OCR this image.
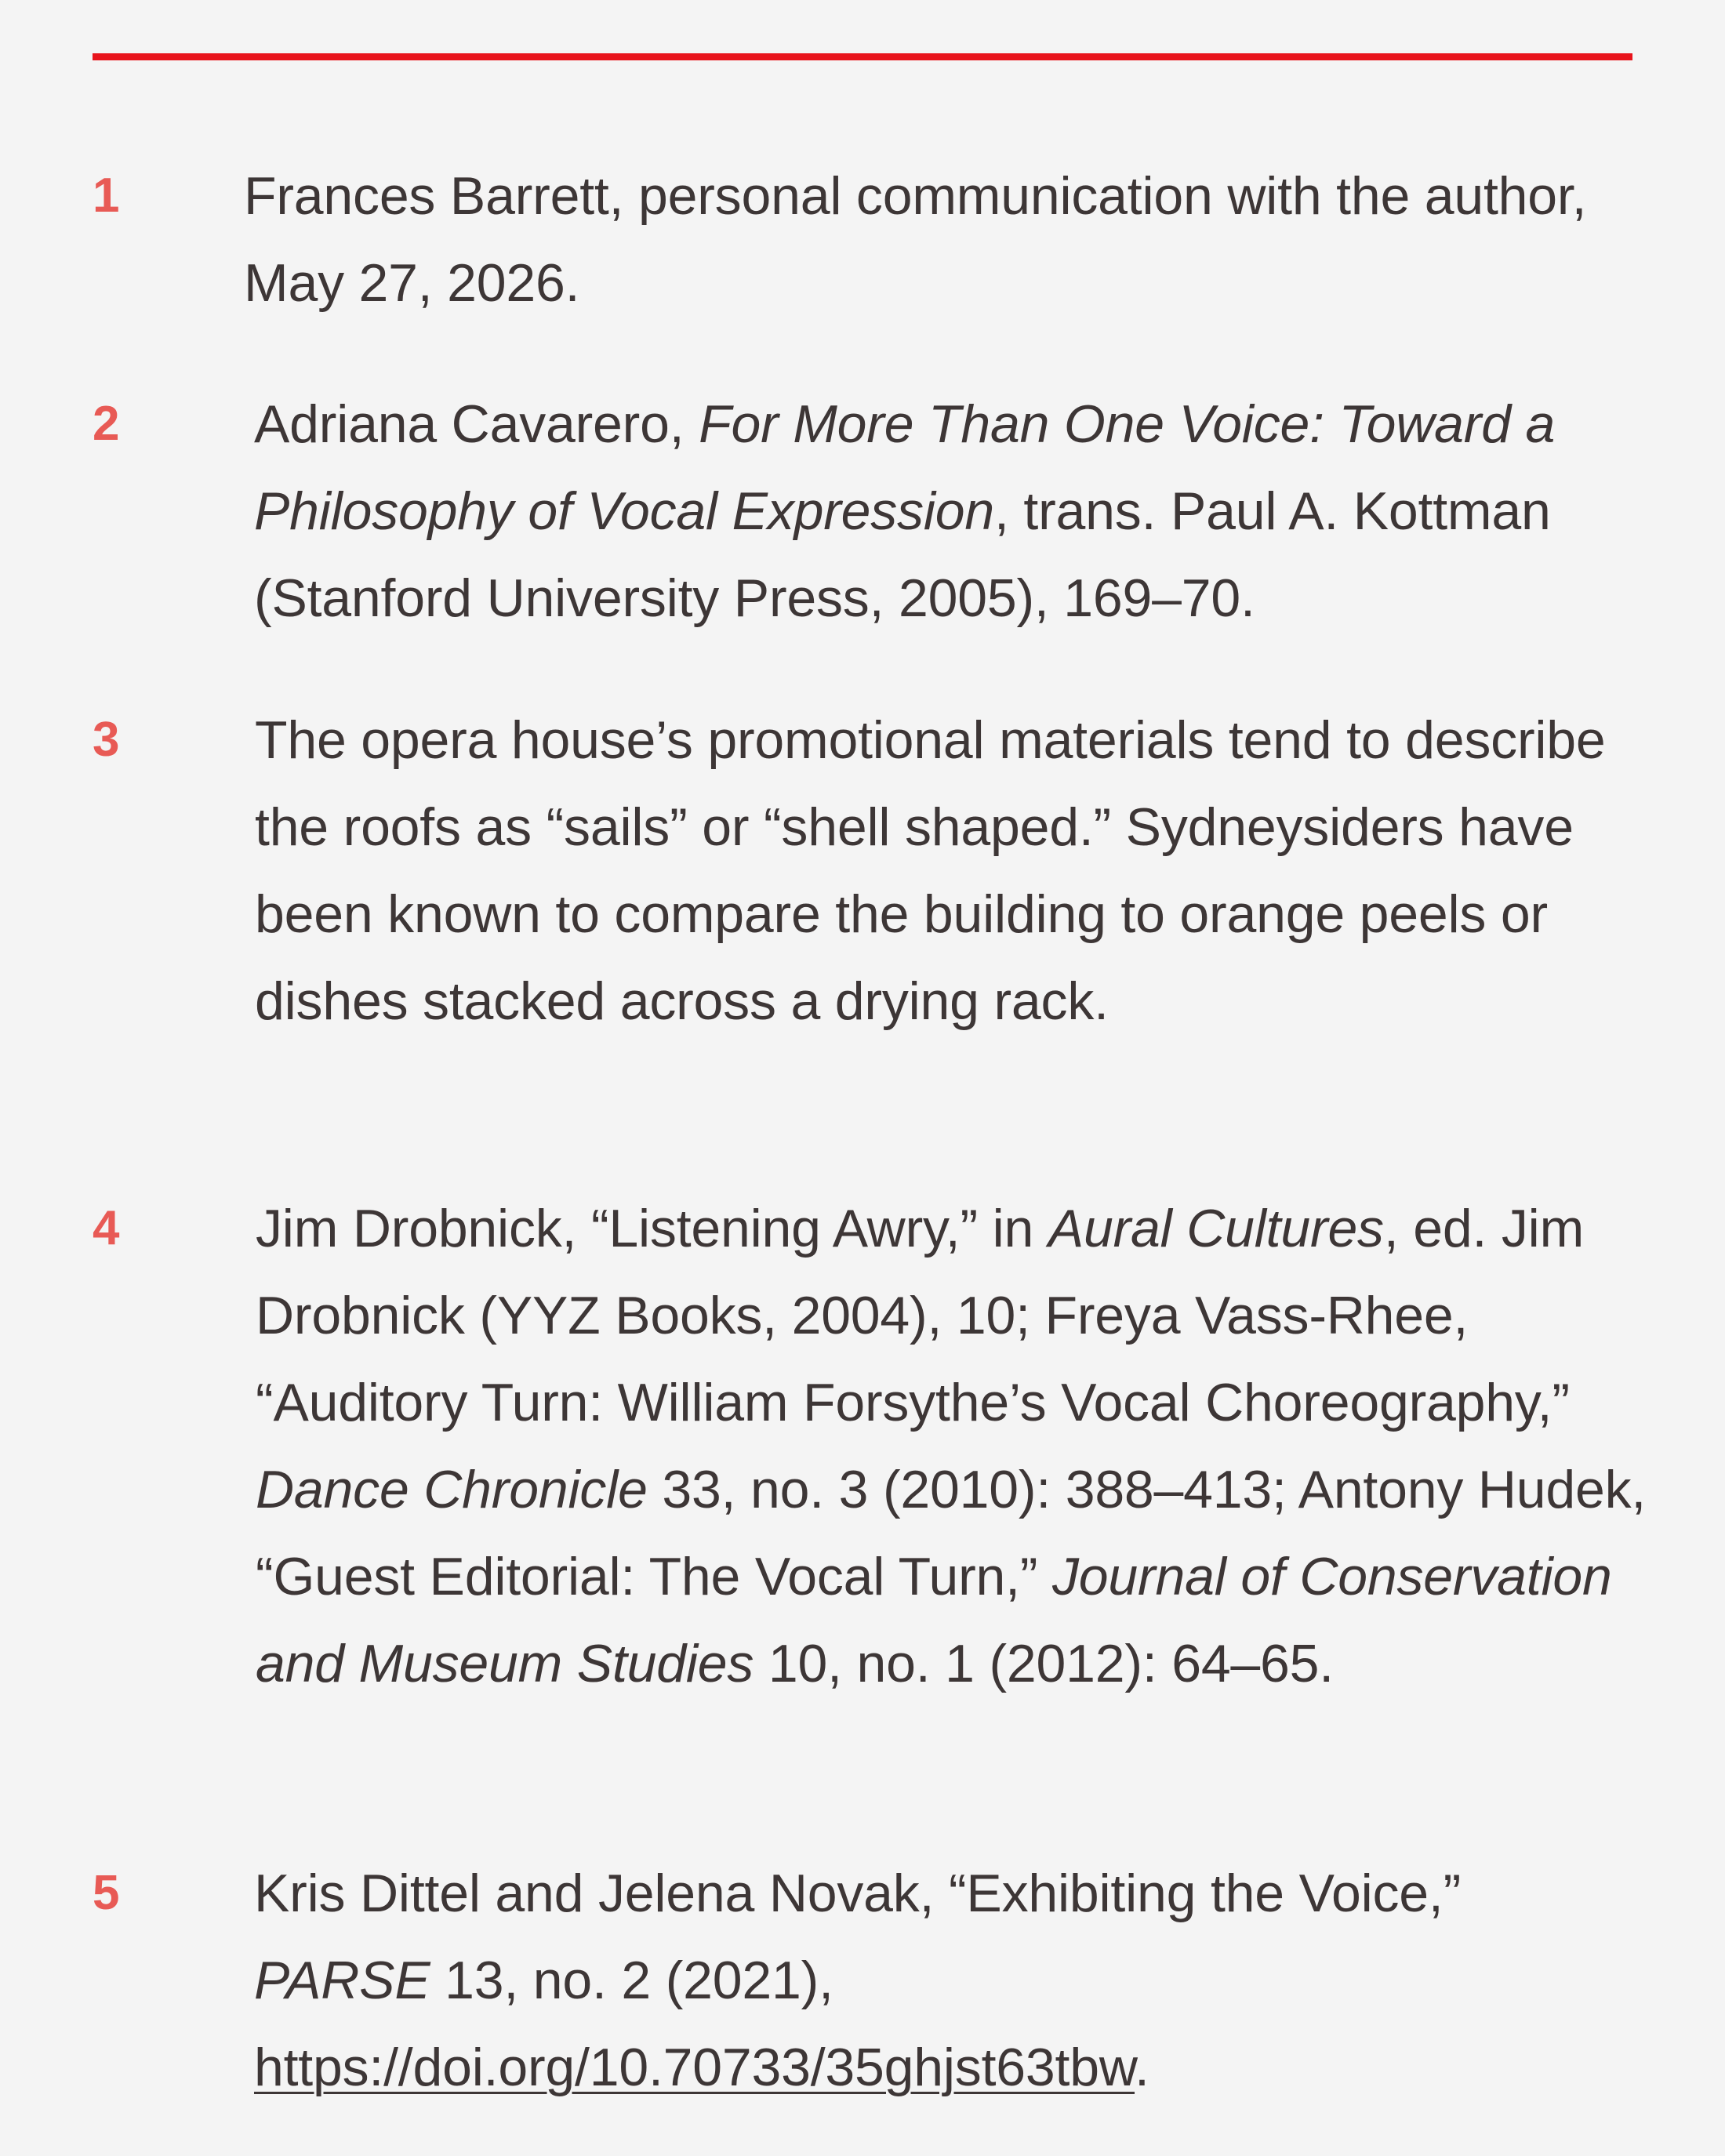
1	Frances Barrett, personal communication with the author, May 27, 2026.
2	Adriana Cavarero, For More Than One Voice: Toward a Philosophy of Vocal Expression, trans. Paul A. Kottman (Stanford University Press, 2005), 169–70.
3	The opera house’s promotional materials tend to describe the roofs as “sails” or “shell shaped.” Sydneysiders have been known to compare the building to orange peels or dishes stacked across a drying rack.
4	Jim Drobnick, “Listening Awry,” in Aural Cultures, ed. Jim Drobnick (YYZ Books, 2004), 10; Freya Vass-Rhee, “Auditory Turn: William Forsythe’s Vocal Choreography,” Dance Chronicle 33, no. 3 (2010): 388–413; Antony Hudek, “Guest Editorial: The Vocal Turn,” Journal of Conservation and Museum Studies 10, no. 1 (2012): 64–65.
5	Kris Dittel and Jelena Novak, “Exhibiting the Voice,” PARSE 13, no. 2 (2021), https://doi.org/10.70733/35ghjst63tbw.
